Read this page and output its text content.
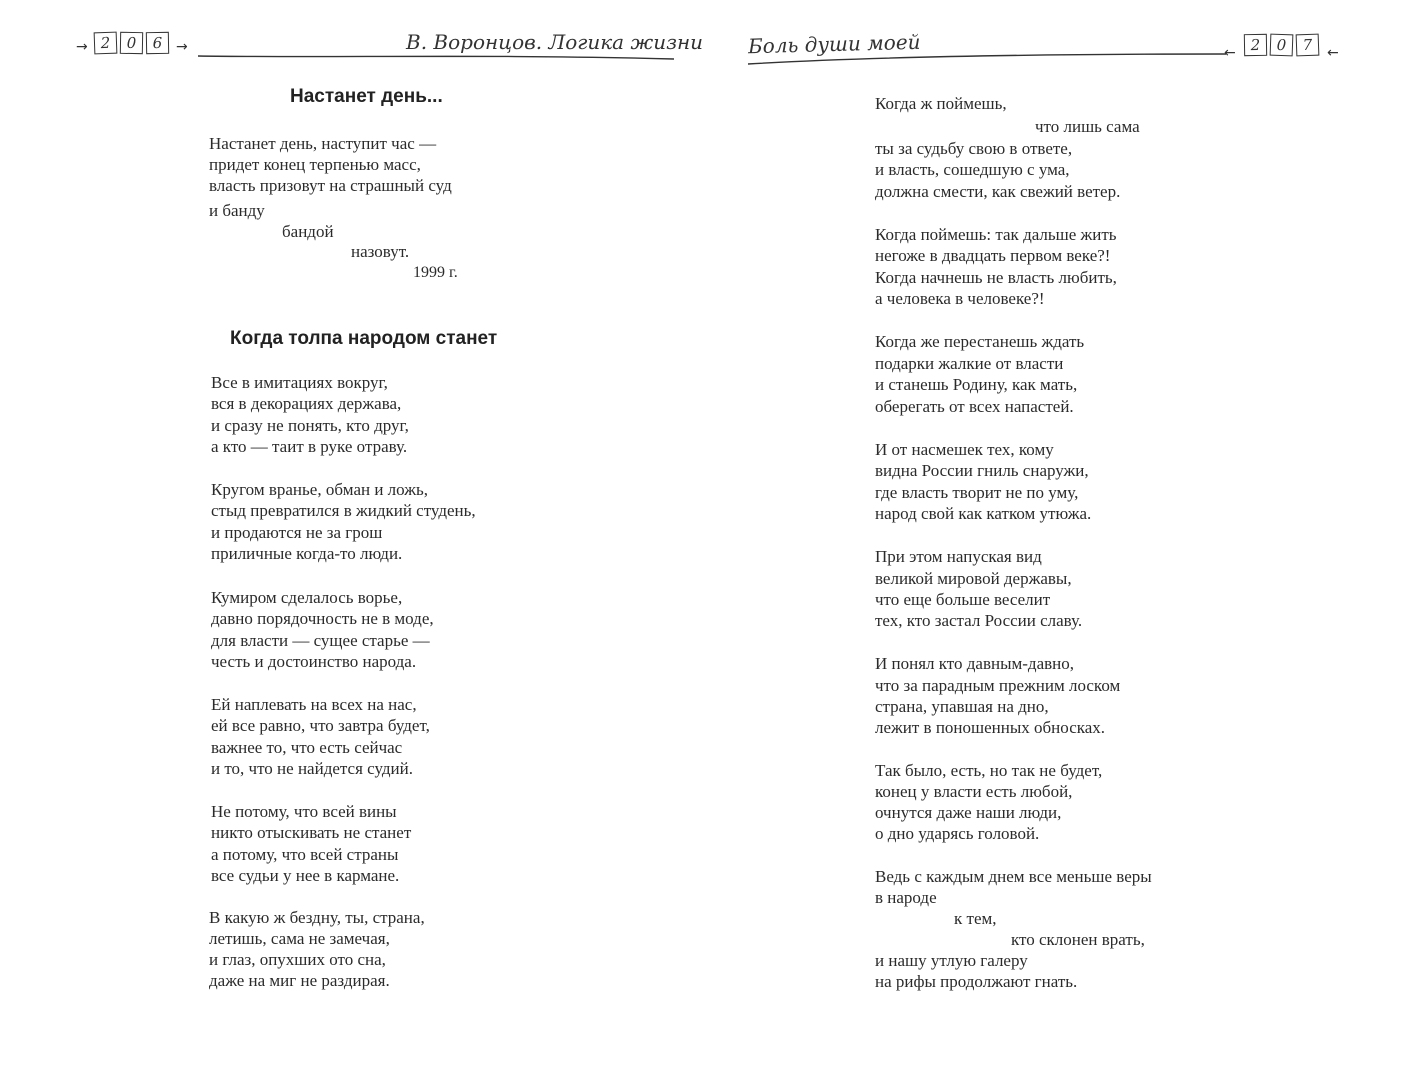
→ 2	0	6 →	В. Воронцов. Логика жизни
Настанет день...
Настанет день, наступит час —
придет конец терпенью масс,
власть призовут на страшный суд
и банду
бандой
назовут.
1999 г.
Когда толпа народом станет
Все в имитациях вокруг,
вся в декорациях держава,
и сразу не понять, кто друг,
а кто — таит в руке отраву.
Кругом вранье, обман и ложь,
стыд превратился в жидкий студень,
и продаются не за грош
приличные когда-то люди.
Кумиром сделалось ворье,
давно порядочность не в моде,
для власти — сущее старье —
честь и достоинство народа.
Ей наплевать на всех на нас,
ей все равно, что завтра будет,
важнее то, что есть сейчас
и то, что не найдется судий.
Не потому, что всей вины
никто отыскивать не станет
а потому, что всей страны
все судьи у нее в кармане.
В какую ж бездну, ты, страна,
летишь, сама не замечая,
и глаз, опухших ото сна,
даже на миг не раздирая.
Боль души моей	← 2	0	7	←
Когда ж поймешь,
что лишь сама
ты за судьбу свою в ответе,
и власть, сошедшую с ума,
должна смести, как свежий ветер.
Когда поймешь: так дальше жить
негоже в двадцать первом веке?!
Когда начнешь не власть любить,
а человека в человеке?!
Когда же перестанешь ждать
подарки жалкие от власти
и станешь Родину, как мать,
оберегать от всех напастей.
И от насмешек тех, кому
видна России гниль снаружи,
где власть творит не по уму,
народ свой как катком утюжа.
При этом напуская вид
великой мировой державы,
что еще больше веселит
тех, кто застал России славу.
И понял кто давным-давно,
что за парадным прежним лоском
страна, упавшая на дно,
лежит в поношенных обносках.
Так было, есть, но так не будет,
конец у власти есть любой,
очнутся даже наши люди,
о дно ударясь головой.
Ведь с каждым днем все меньше веры
в народе
к тем,
кто склонен врать,
и нашу утлую галеру
на рифы продолжают гнать.
